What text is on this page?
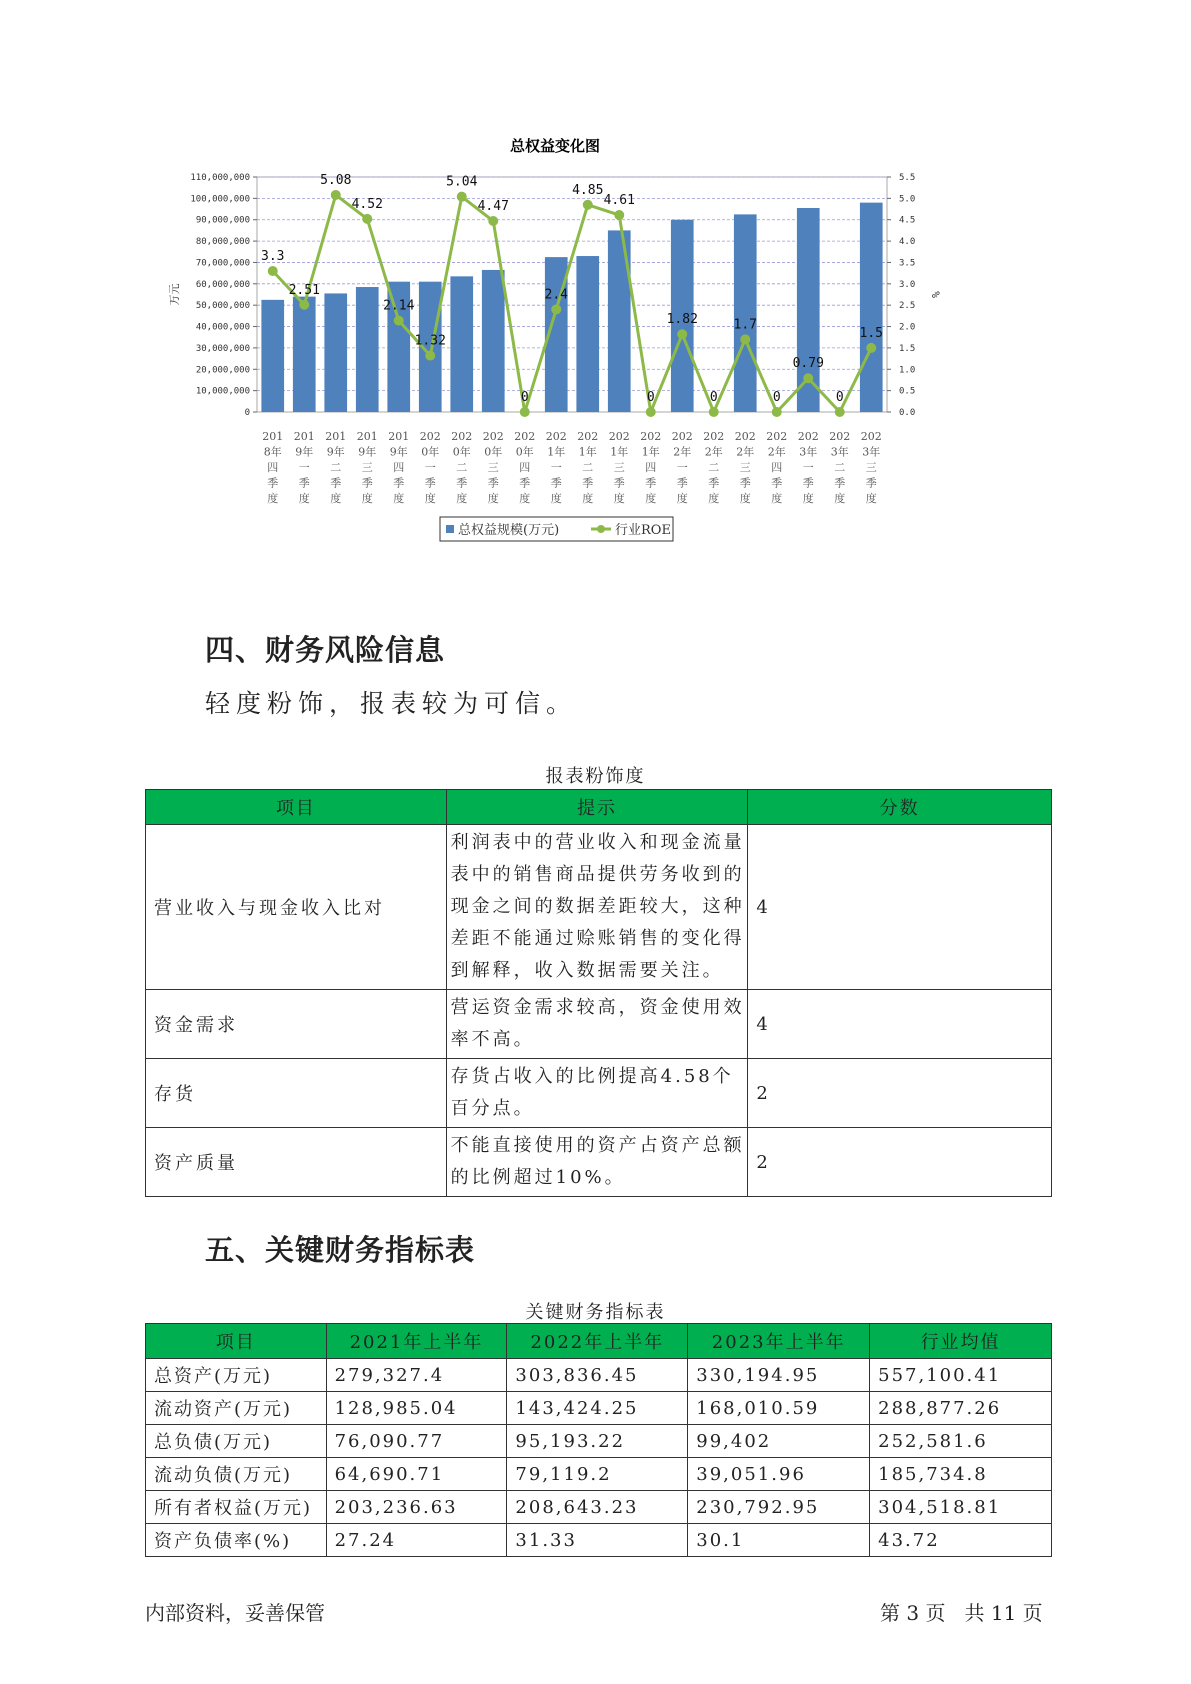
总权益变化图
0
10,000,000
20,000,000
30,000,000
40,000,000
50,000,000
60,000,000
70,000,000
80,000,000
90,000,000
100,000,000
110,000,000
0.0
0.5
1.0
1.5
2.0
2.5
3.0
3.5
4.0
4.5
5.0
5.5
万元	%
3.3
2.51
5.08
4.52
2.14
1.32
5.04
4.47
0
2.4
4.85
4.61
0
1.82
0
1.7
0
0.79
0
1.5
201
8年
四
季
度
201
9年
一
季
度
201
9年
二
季
度
201
9年
三
季
度
201
9年
四
季
度
202
0年
一
季
度
202
0年
二
季
度
202
0年
三
季
度
202
0年
四
季
度
202
1年
一
季
度
202
1年
二
季
度
202
1年
三
季
度
202
1年
四
季
度
202
2年
一
季
度
202
2年
二
季
度
202
2年
三
季
度
202
2年
四
季
度
202
3年
一
季
度
202
3年
二
季
度
202
3年
三
季
度
总权益规模(万元)	行业ROE
四、财务风险信息
轻度粉饰，报表较为可信。
报表粉饰度
项目	提示	分数
营业收入与现金收入比对	利润表中的营业收入和现金流量表中的销售商品提供劳务收到的现金之间的数据差距较大，这种差距不能通过赊账销售的变化得到解释，收入数据需要关注。	4
资金需求	营运资金需求较高，资金使用效率不高。	4
存货	存货占收入的比例提高4.58个百分点。	2
资产质量	不能直接使用的资产占资产总额的比例超过10%。	2
五、关键财务指标表
关键财务指标表
项目	2021年上半年	2022年上半年	2023年上半年	行业均值
总资产(万元)	279,327.4	303,836.45	330,194.95	557,100.41
流动资产(万元)	128,985.04	143,424.25	168,010.59	288,877.26
总负债(万元)	76,090.77	95,193.22	99,402	252,581.6
流动负债(万元)	64,690.71	79,119.2	39,051.96	185,734.8
所有者权益(万元)	203,236.63	208,643.23	230,792.95	304,518.81
资产负债率(%)	27.24	31.33	30.1	43.72
内部资料，妥善保管	第 3 页   共 11 页
